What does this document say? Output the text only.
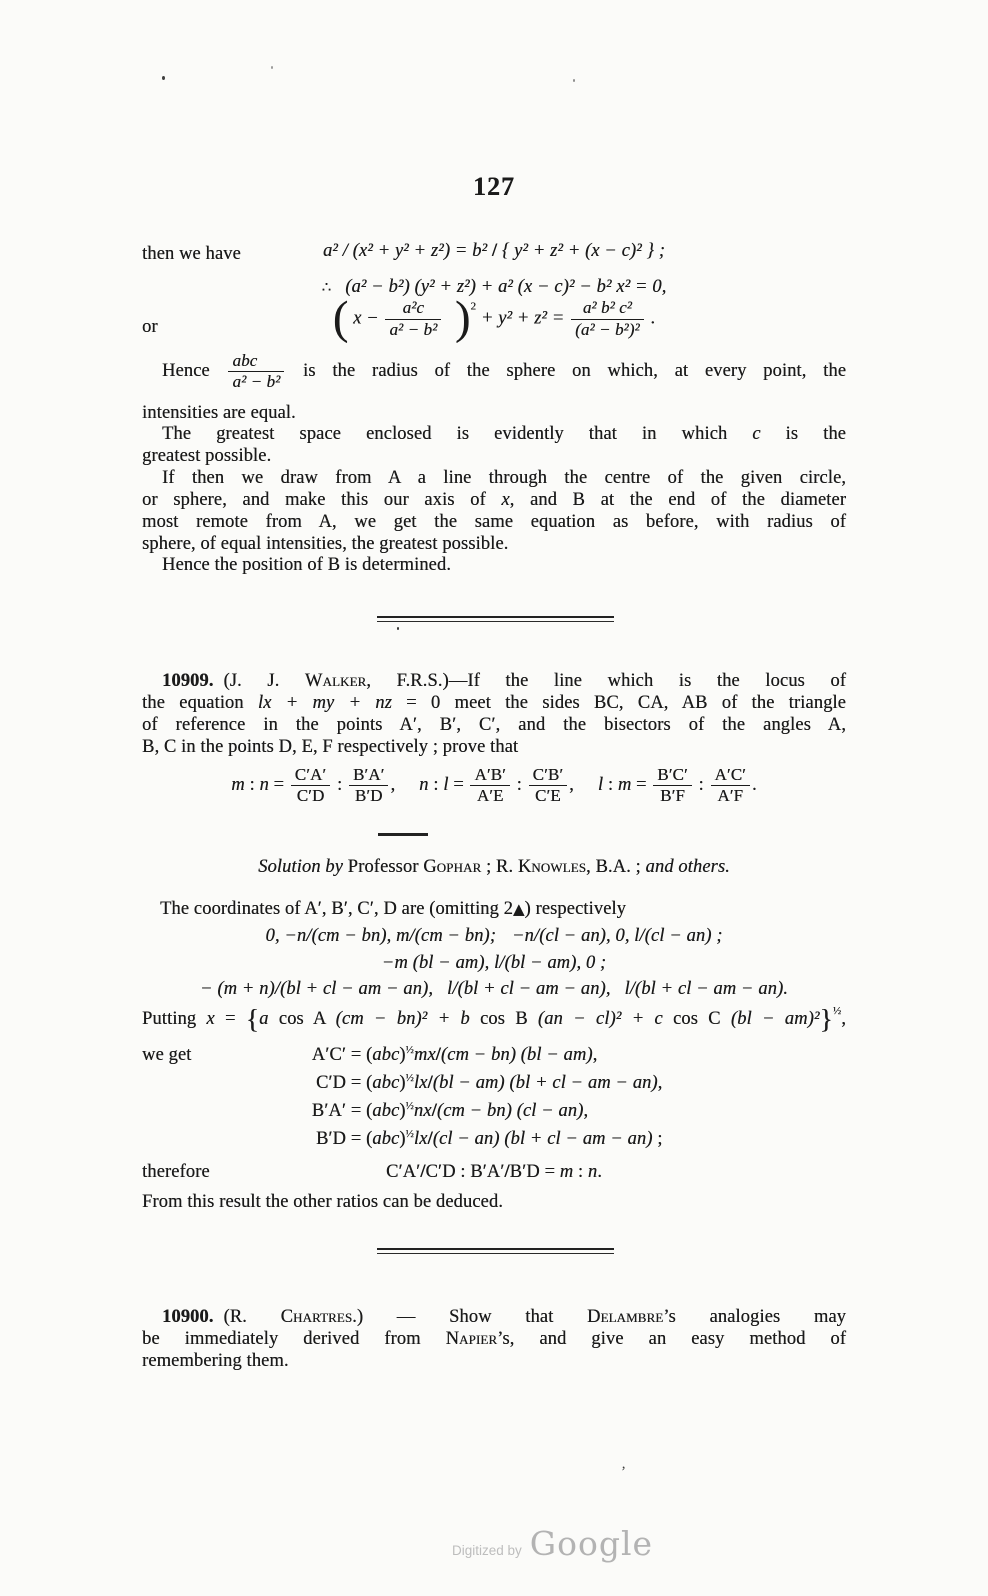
127
then we have	a² / (x² + y² + z²) = b² / { y² + z² + (x − c)² } ;
∴ (a² − b²) (y² + z²) + a² (x − c)² − b² x² = 0,
or	( $x - \frac{\text{a²c}}{\text{a² − b²}} )^2 + y^2 + z^2 = \frac{\text{a² b² c²}}{\text{(a² − b²)²}}$ .
Hence $\frac{\text{abc}}{\text{a² − b²}}$ is the radius of the sphere on which, at every point, the
intensities are equal.
The greatest space enclosed is evidently that in which c is the
greatest possible.
If then we draw from A a line through the centre of the given circle,
or sphere, and make this our axis of x, and B at the end of the diameter
most remote from A, we get the same equation as before, with radius of
sphere, of equal intensities, the greatest possible.
Hence the position of B is determined.
10909. (J. J. Walker, F.R.S.)—If the line which is the locus of
the equation lx + my + nz = 0 meet the sides BC, CA, AB of the triangle
of reference in the points A′, B′, C′, and the bisectors of the angles A,
B, C in the points D, E, F respectively ; prove that
m : $n = \frac{C'A'}{C'D}$ : $\frac{B'A'}{B'D}$ , n : $l = \frac{A'B'}{A'E}$ : $\frac{C'B'}{C'E}$ , l : $m = \frac{B'C'}{B'F}$ : $\frac{A'C'}{A'F}$ .
Solution by Professor Gophar ; R. Knowles, B.A. ; and others.
The coordinates of A′, B′, C′, D are (omitting 2▲) respectively
0, −n/(cm − bn), m/(cm − bn); −n/(cl − an), 0, l/(cl − an) ;
−m (bl − am), l/(bl − am), 0 ;
− (m + n)/(bl + cl − am − an), l/(bl + cl − am − an), l/(bl + cl − am − an).
Putting x = {a cos A (cm − bn)² + b cos B (an − cl)² + c cos C (bl − am)²}$^{\frac{1}{2}}$,
we get	A′C′ = (abc)$^{\frac{1}{2}}$mx/(cm − bn) (bl − am),
C′D = (abc)$^{\frac{1}{2}}$lx/(bl − am) (bl + cl − am − an),
B′A′ = (abc)$^{\frac{1}{2}}$nx/(cm − bn) (cl − an),
B′D = (abc)$^{\frac{1}{2}}$lx/(cl − an) (bl + cl − am − an) ;
therefore	C′A′/C′D : B′A′/B′D = m : n.
From this result the other ratios can be deduced.
10900. (R. Chartres.) — Show that Delambre’s analogies may
be immediately derived from Napier’s, and give an easy method of
remembering them.
Digitized by Google
’
